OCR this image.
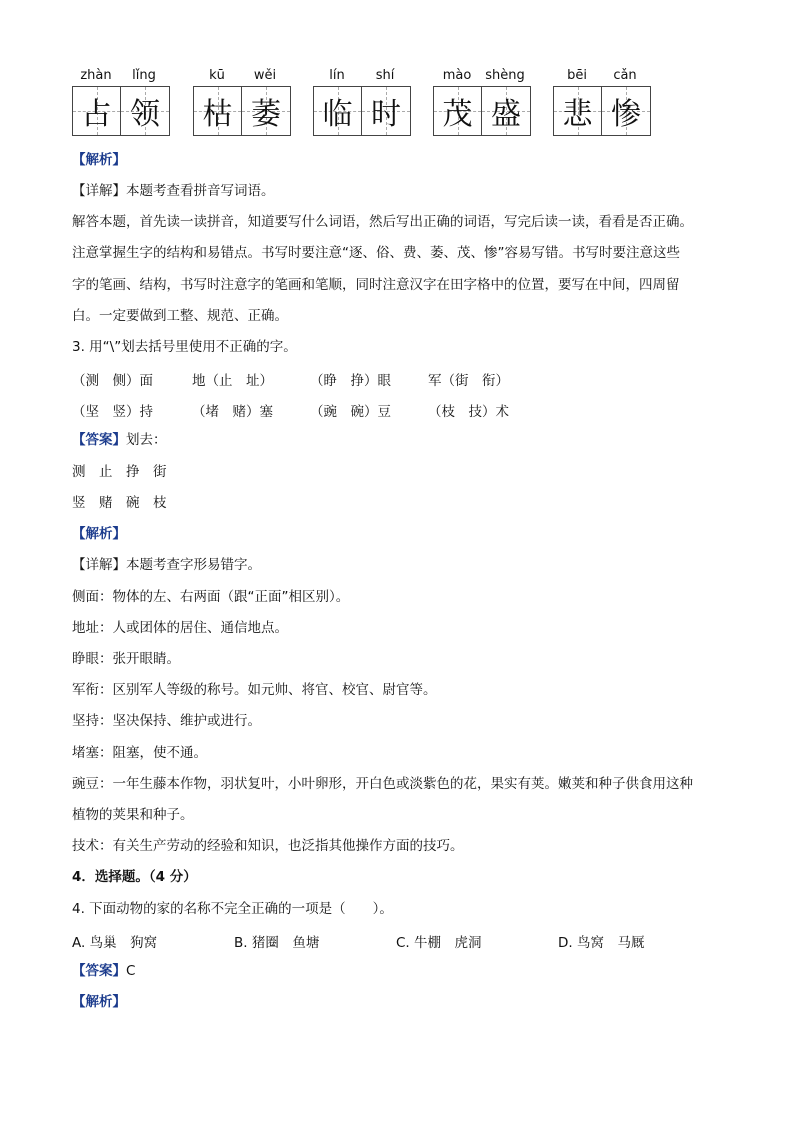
zhàn	lǐng
占 领
kū	wěi
枯 萎
lín	shí
临 时
mào	shèng
茂 盛
bēi	cǎn
悲 惨
【解析】
【详解】本题考查看拼音写词语。
解答本题，首先读一读拼音，知道要写什么词语，然后写出正确的词语，写完后读一读，看看是否正确。
注意掌握生字的结构和易错点。书写时要注意“逐、俗、费、萎、茂、惨”容易写错。书写时要注意这些
字的笔画、结构，书写时注意字的笔画和笔顺，同时注意汉字在田字格中的位置，要写在中间，四周留
白。一定要做到工整、规范、正确。
3. 用“\”划去括号里使用不正确的字。
（测　侧）面	地（止　址）	（睁　挣）眼	军（街　衔）
（坚　竖）持	（堵　赌）塞	（豌　碗）豆	（枝　技）术
【答案】划去：
测　止　挣　街
竖　赌　碗　枝
【解析】
【详解】本题考查字形易错字。
侧面：物体的左、右两面（跟“正面”相区别）。
地址：人或团体的居住、通信地点。
睁眼：张开眼睛。
军衔：区别军人等级的称号。如元帅、将官、校官、尉官等。
坚持：坚决保持、维护或进行。
堵塞：阻塞，使不通。
豌豆：一年生藤本作物，羽状复叶，小叶卵形，开白色或淡紫色的花，果实有荚。嫩荚和种子供食用这种
植物的荚果和种子。
技术：有关生产劳动的经验和知识，也泛指其他操作方面的技巧。
4．选择题。（4 分）
4. 下面动物的家的名称不完全正确的一项是（　　）。
A. 鸟巢　狗窝	B. 猪圈　鱼塘	C. 牛棚　虎洞	D. 鸟窝　马厩
【答案】C
【解析】
